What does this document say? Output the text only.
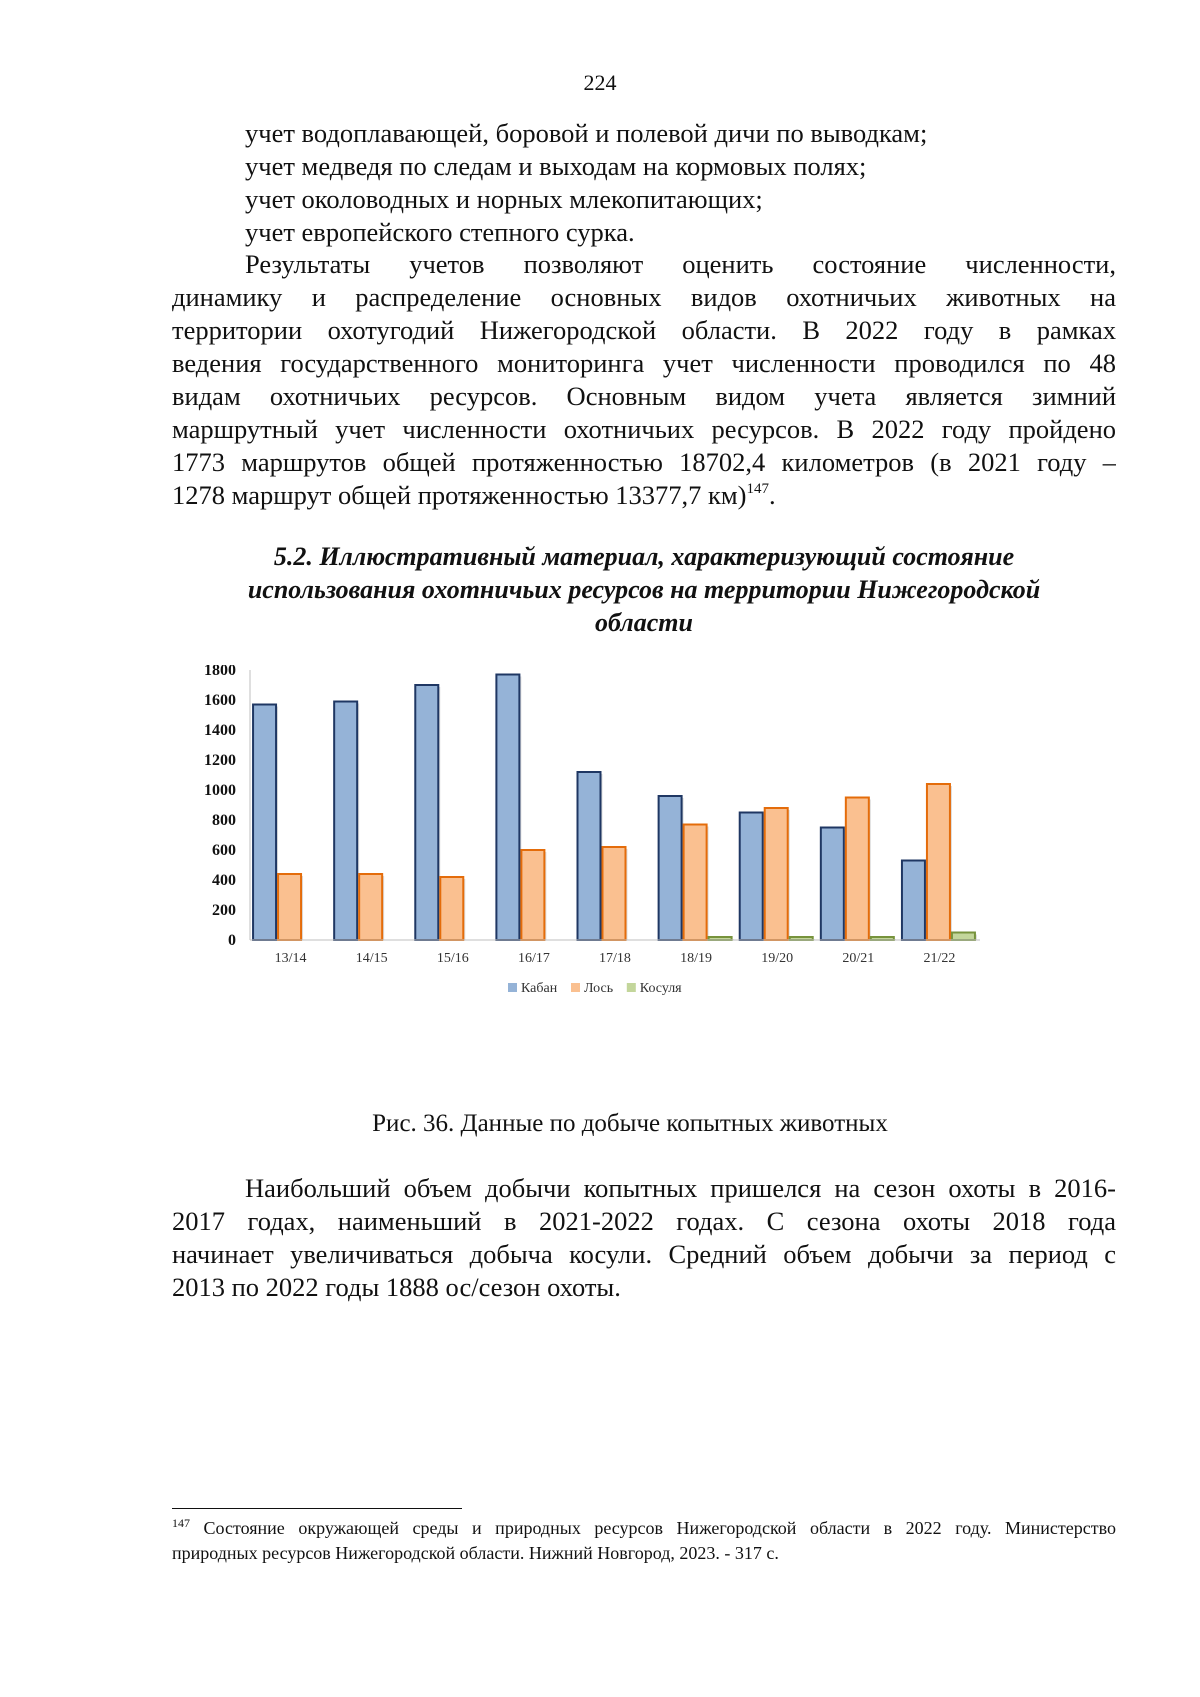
224
учет водоплавающей, боровой и полевой дичи по выводкам;
учет медведя по следам и выходам на кормовых полях;
учет околоводных и норных млекопитающих;
учет европейского степного сурка.
Результаты учетов позволяют оценить состояние численности,
динамику и распределение основных видов охотничьих животных на
территории охотугодий Нижегородской области. В 2022 году в рамках
ведения государственного мониторинга учет численности проводился по 48
видам охотничьих ресурсов. Основным видом учета является зимний
маршрутный учет численности охотничьих ресурсов. В 2022 году пройдено
1773 маршрутов общей протяженностью 18702,4 километров (в 2021 году –
1278 маршрут общей протяженностью 13377,7 км)$^{147}$.
5.2. Иллюстративный материал, характеризующий состояние
использования охотничьих ресурсов на территории Нижегородской
области
0
200
400
600
800
1000
1200
1400
1600
1800
13/14	14/15	15/16	16/17	17/18	18/19	19/20	20/21	21/22
Кабан Лось Косуля
Рис. 36. Данные по добыче копытных животных
Наибольший объем добычи копытных пришелся на сезон охоты в 2016-
2017 годах, наименьший в 2021-2022 годах. С сезона охоты 2018 года
начинает увеличиваться добыча косули. Средний объем добычи за период с
2013 по 2022 годы 1888 ос/сезон охоты.
$^{147}$ Состояние окружающей среды и природных ресурсов Нижегородской области в 2022 году. Министерство
природных ресурсов Нижегородской области. Нижний Новгород, 2023. - 317 с.
